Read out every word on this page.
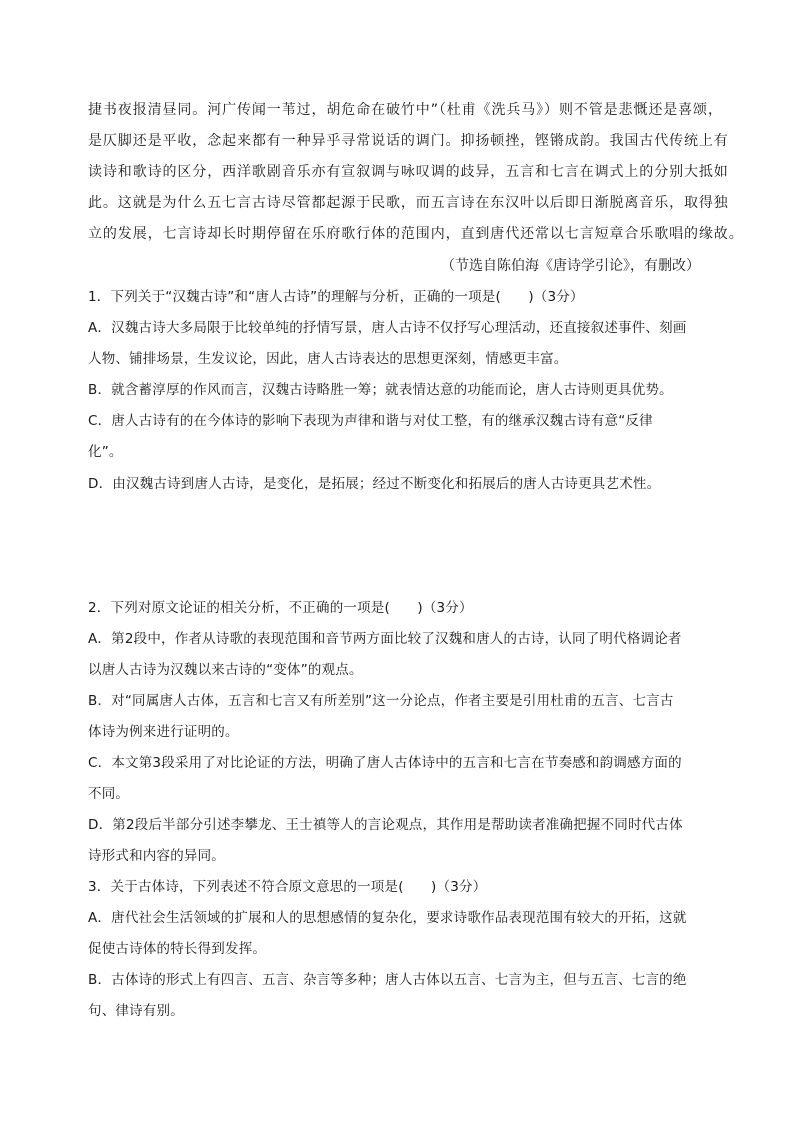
捷书夜报清昼同。河广传闻一苇过，胡危命在破竹中”（杜甫《洗兵马》）则不管是悲慨还是喜颂，
是仄脚还是平收，念起来都有一种异乎寻常说话的调门。抑扬顿挫，铿锵成韵。我国古代传统上有
读诗和歌诗的区分，西洋歌剧音乐亦有宣叙调与咏叹调的歧异，五言和七言在调式上的分别大抵如
此。这就是为什么五七言古诗尽管都起源于民歌，而五言诗在东汉叶以后即日渐脱离音乐，取得独
立的发展，七言诗却长时期停留在乐府歌行体的范围内，直到唐代还常以七言短章合乐歌唱的缘故。
（节选自陈伯海《唐诗学引论》，有删改）
1．下列关于“汉魏古诗”和“唐人古诗”的理解与分析，正确的一项是(　　)（3分）
A．汉魏古诗大多局限于比较单纯的抒情写景，唐人古诗不仅抒写心理活动，还直接叙述事件、刻画
人物、铺排场景，生发议论，因此，唐人古诗表达的思想更深刻，情感更丰富。
B．就含蓄淳厚的作风而言，汉魏古诗略胜一筹；就表情达意的功能而论，唐人古诗则更具优势。
C．唐人古诗有的在今体诗的影响下表现为声律和谐与对仗工整，有的继承汉魏古诗有意“反律
化”。
D．由汉魏古诗到唐人古诗，是变化，是拓展；经过不断变化和拓展后的唐人古诗更具艺术性。
2．下列对原文论证的相关分析，不正确的一项是(　　)（3分）
A．第2段中，作者从诗歌的表现范围和音节两方面比较了汉魏和唐人的古诗，认同了明代格调论者
以唐人古诗为汉魏以来古诗的“变体”的观点。
B．对“同属唐人古体，五言和七言又有所差别”这一分论点，作者主要是引用杜甫的五言、七言古
体诗为例来进行证明的。
C．本文第3段采用了对比论证的方法，明确了唐人古体诗中的五言和七言在节奏感和韵调感方面的
不同。
D．第2段后半部分引述李攀龙、王士禛等人的言论观点，其作用是帮助读者准确把握不同时代古体
诗形式和内容的异同。
3．关于古体诗，下列表述不符合原文意思的一项是(　　)（3分）
A．唐代社会生活领域的扩展和人的思想感情的复杂化，要求诗歌作品表现范围有较大的开拓，这就
促使古诗体的特长得到发挥。
B．古体诗的形式上有四言、五言、杂言等多种；唐人古体以五言、七言为主，但与五言、七言的绝
句、律诗有别。
